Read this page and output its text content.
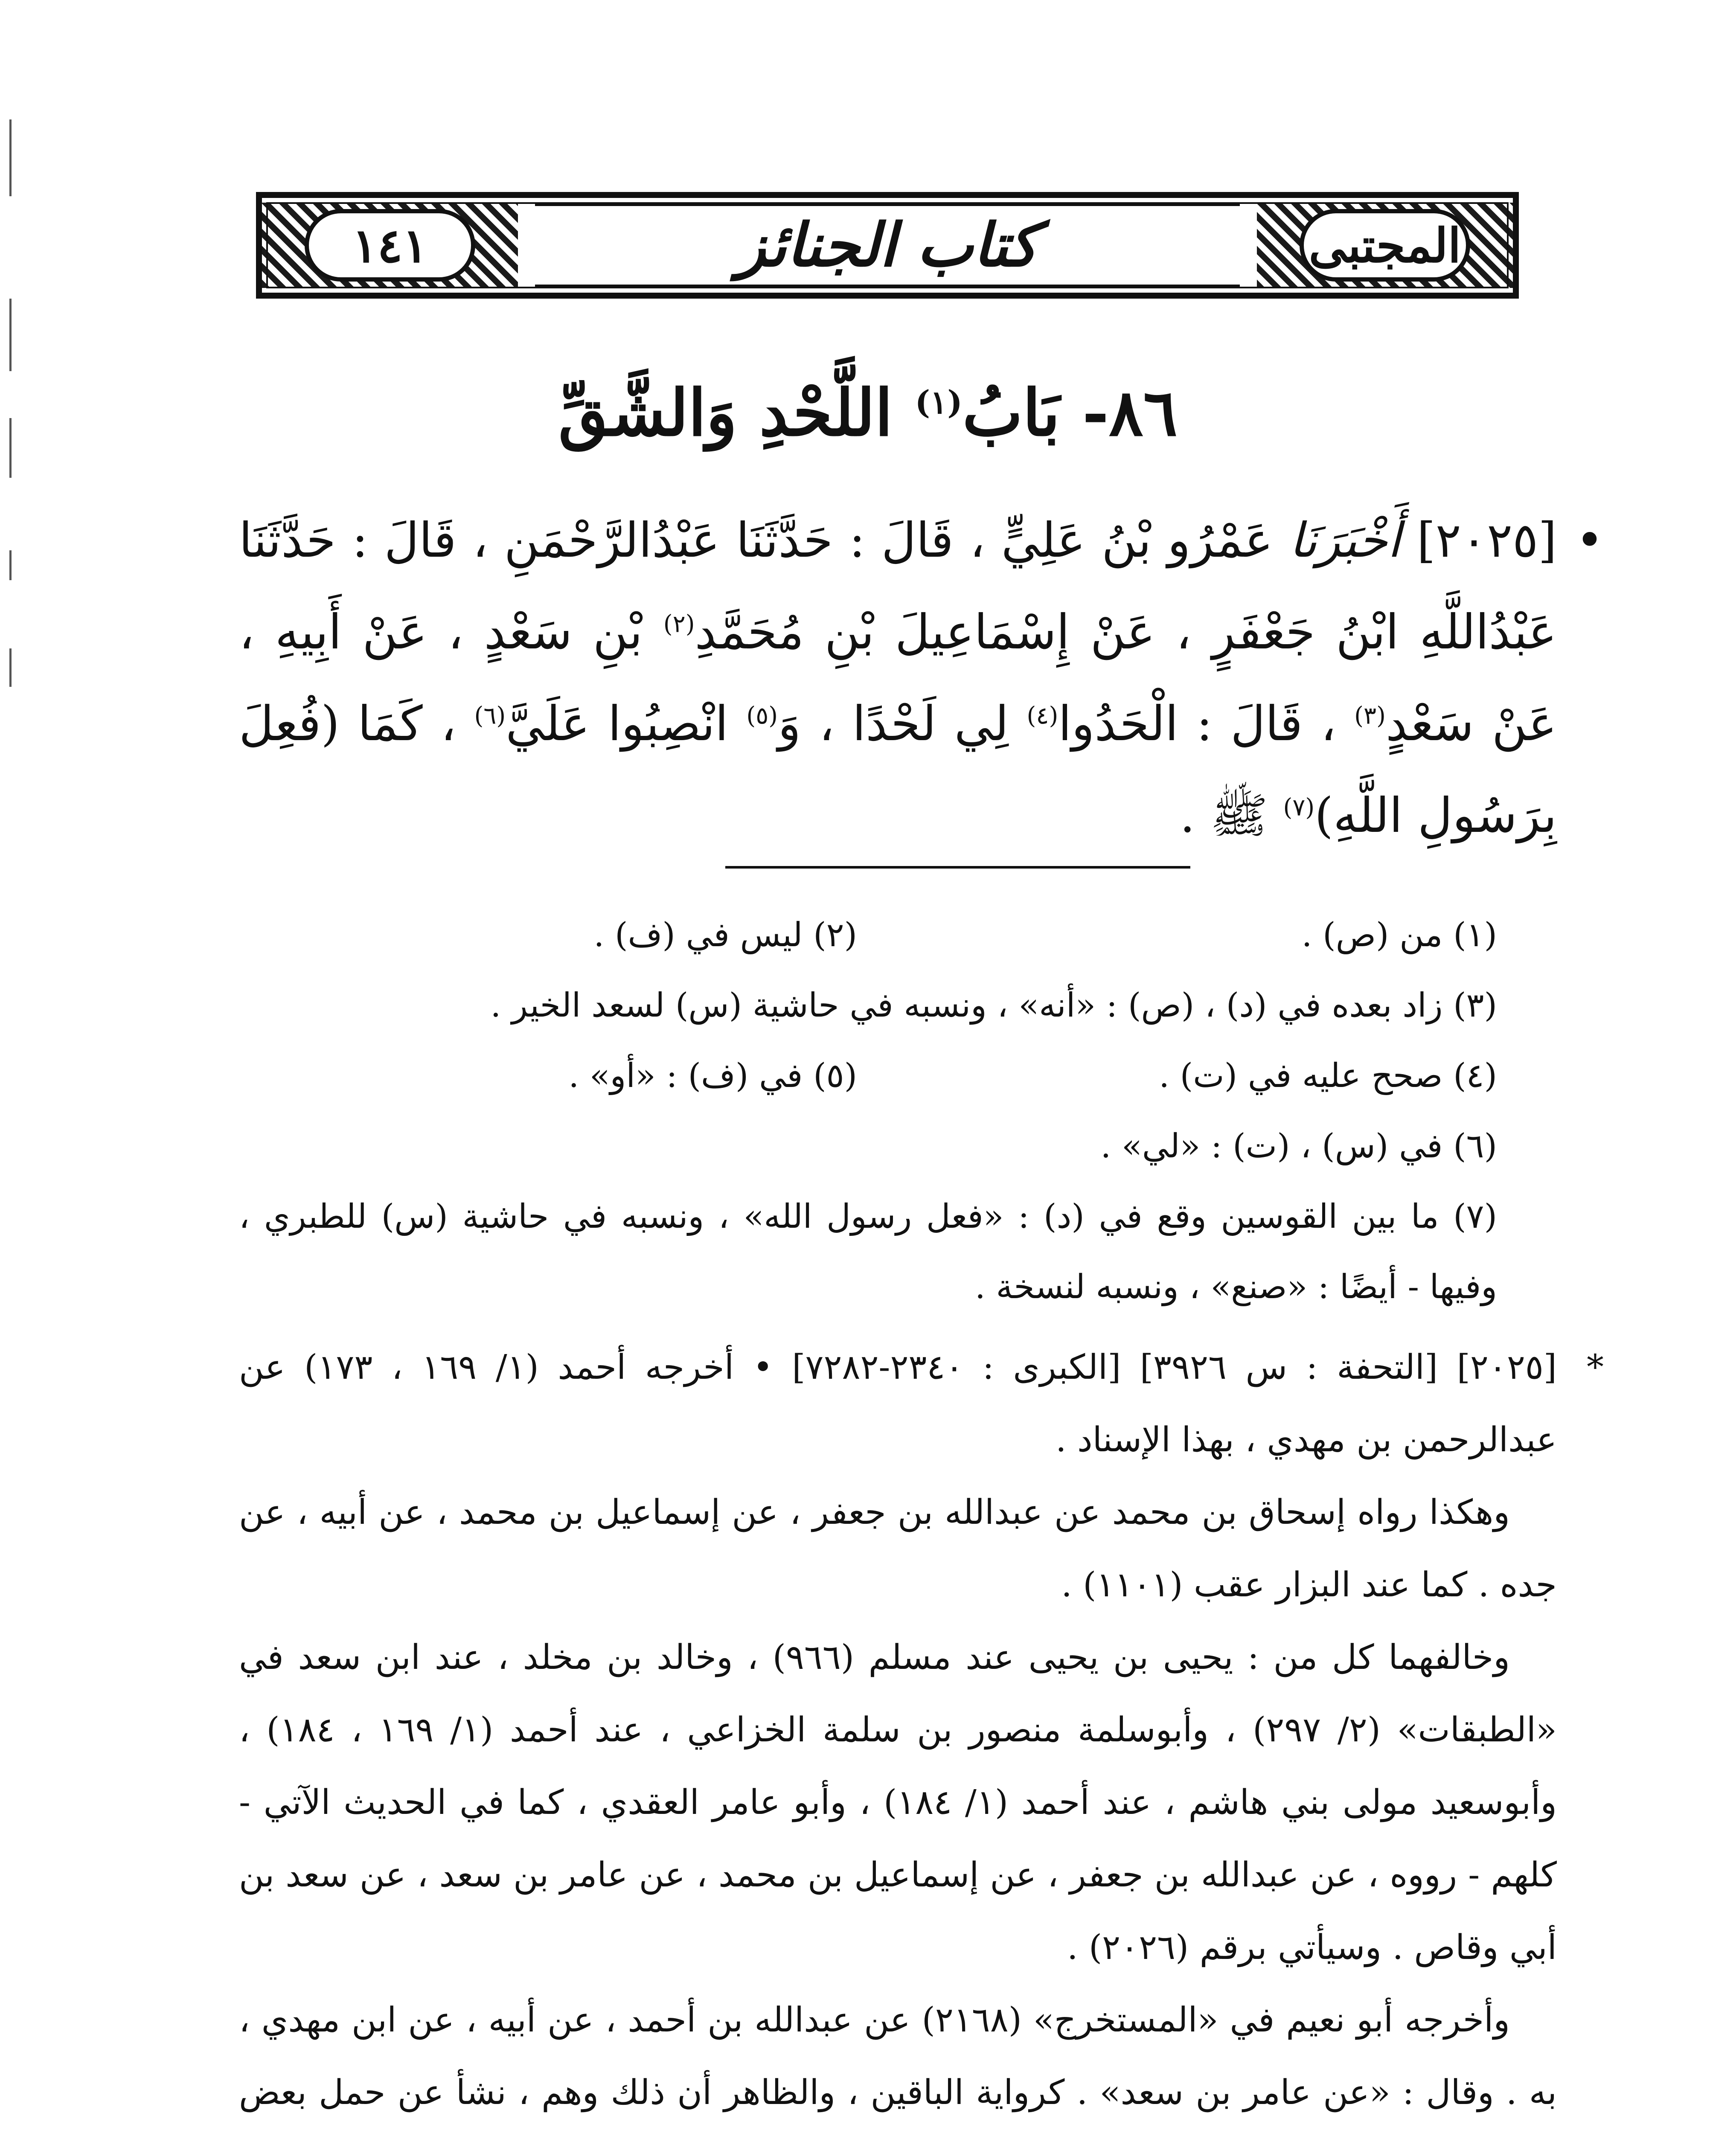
المجتبى
كتاب الجنائز
١٤١
٨٦- بَابُ$^{(١)}$ اللَّحْدِ وَالشَّقِّ
•
[٢٠٢٥] أَخْبَرَنَا عَمْرُو بْنُ عَلِيٍّ ، قَالَ : حَدَّثَنَا عَبْدُالرَّحْمَنِ ، قَالَ : حَدَّثَنَا عَبْدُاللَّهِ ابْنُ جَعْفَرٍ ، عَنْ إِسْمَاعِيلَ بْنِ مُحَمَّدِ$^{(٢)}$ بْنِ سَعْدٍ ، عَنْ أَبِيهِ ، عَنْ سَعْدٍ$^{(٣)}$ ، قَالَ : الْحَدُوا$^{(٤)}$ لِي لَحْدًا ، وَ$^{(٥)}$ انْصِبُوا عَلَيَّ$^{(٦)}$ ، كَمَا (فُعِلَ بِرَسُولِ اللَّهِ)$^{(٧)}$ ﷺ .
(١) من (ص) .
(٢) ليس في (ف) .
(٣) زاد بعده في (د) ، (ص) : «أنه» ، ونسبه في حاشية (س) لسعد الخير .
(٤) صحح عليه في (ت) .
(٥) في (ف) : «أو» .
(٦) في (س) ، (ت) : «لي» .
(٧) ما بين القوسين وقع في (د) : «فعل رسول الله» ، ونسبه في حاشية (س) للطبري ، وفيها - أيضًا : «صنع» ، ونسبه لنسخة .
*

[٢٠٢٥] [التحفة : س ٣٩٢٦] [الكبرى : ٢٣٤٠-٧٢٨٢] • أخرجه أحمد (١/ ١٦٩ ، ١٧٣) عن عبدالرحمن بن مهدي ، بهذا الإسناد .

وهكذا رواه إسحاق بن محمد عن عبدالله بن جعفر ، عن إسماعيل بن محمد ، عن أبيه ، عن جده . كما عند البزار عقب (١١٠١) .

وخالفهما كل من : يحيى بن يحيى عند مسلم (٩٦٦) ، وخالد بن مخلد ، عند ابن سعد في «الطبقات» (٢/ ٢٩٧) ، وأبوسلمة منصور بن سلمة الخزاعي ، عند أحمد (١/ ١٦٩ ، ١٨٤) ، وأبوسعيد مولى بني هاشم ، عند أحمد (١/ ١٨٤) ، وأبو عامر العقدي ، كما في الحديث الآتي - كلهم - رووه ، عن عبدالله بن جعفر ، عن إسماعيل بن محمد ، عن عامر بن سعد ، عن سعد بن أبي وقاص . وسيأتي برقم (٢٠٢٦) .

وأخرجه أبو نعيم في «المستخرج» (٢١٦٨) عن عبدالله بن أحمد ، عن أبيه ، عن ابن مهدي ، به . وقال : «عن عامر بن سعد» . كرواية الباقين ، والظاهر أن ذلك وهم ، نشأ عن حمل بعض
